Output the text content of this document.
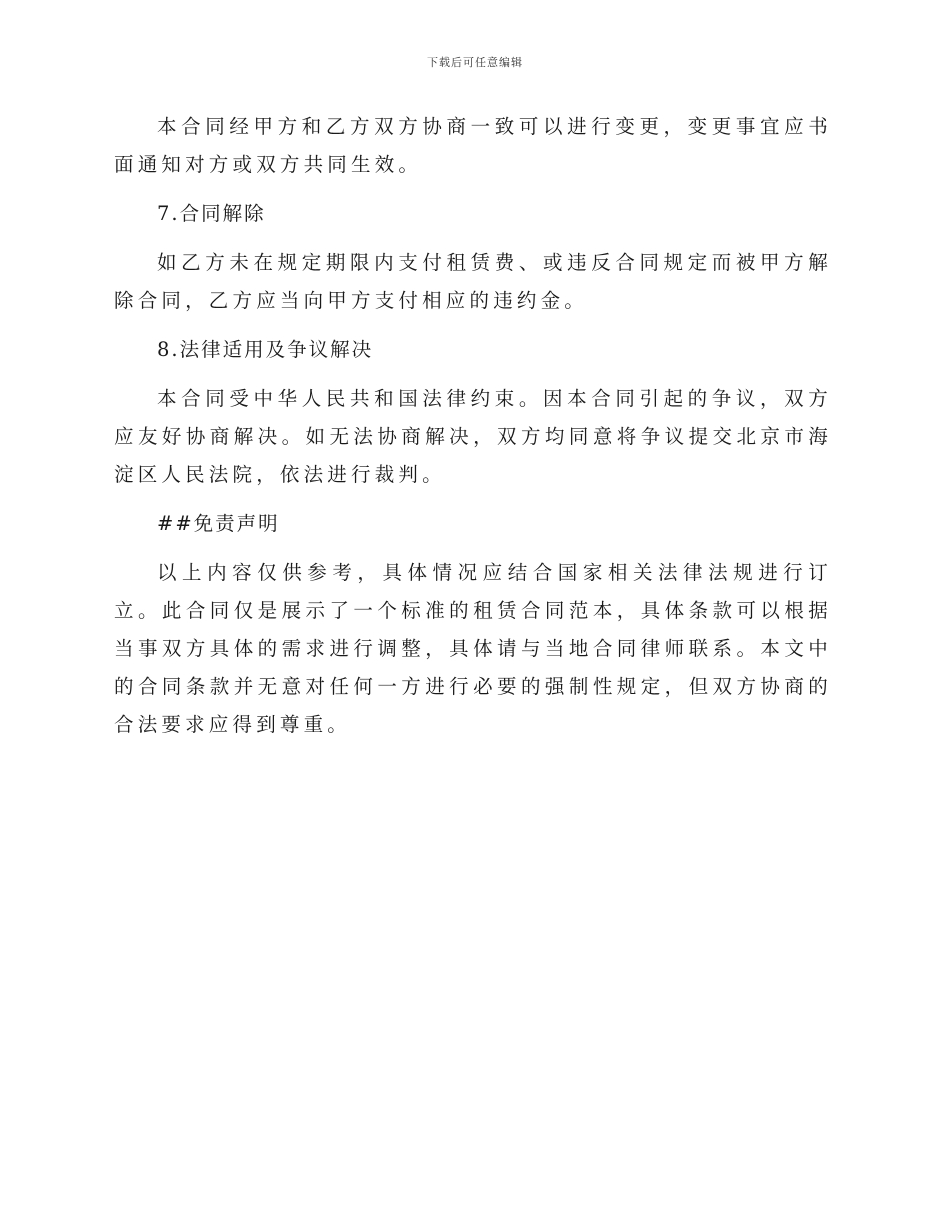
下载后可任意编辑

本合同经甲方和乙方双方协商一致可以进行变更，变更事宜应书面通知对方或双方共同生效。

7.合同解除

如乙方未在规定期限内支付租赁费、或违反合同规定而被甲方解除合同，乙方应当向甲方支付相应的违约金。

8.法律适用及争议解决

本合同受中华人民共和国法律约束。因本合同引起的争议，双方应友好协商解决。如无法协商解决，双方均同意将争议提交北京市海淀区人民法院，依法进行裁判。

##免责声明

以上内容仅供参考，具体情况应结合国家相关法律法规进行订立。此合同仅是展示了一个标准的租赁合同范本，具体条款可以根据当事双方具体的需求进行调整，具体请与当地合同律师联系。本文中的合同条款并无意对任何一方进行必要的强制性规定，但双方协商的合法要求应得到尊重。
